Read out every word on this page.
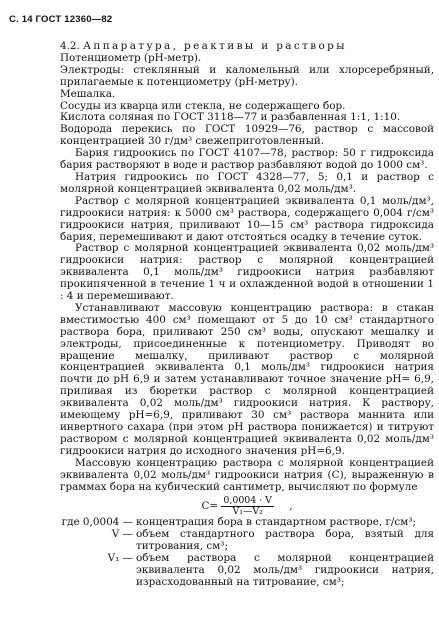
С. 14 ГОСТ 12360—82

4.2. Аппаратура, реактивы и растворы

Потенциометр (рН-метр).

Электроды: стеклянный и каломельный или хлорсеребряный, прилагаемые к потенциометру (рН-метру).

Мешалка.

Сосуды из кварца или стекла, не содержащего бор.

Кислота соляная по ГОСТ 3118—77 и разбавленная 1:1, 1:10.

Водорода перекись по ГОСТ 10929—76, раствор с массовой концентрацией 30 г/дм³ свежеприготовленный.

Бария гидроокись по ГОСТ 4107—78, раствор: 50 г гидроксида бария растворяют в воде и раствор разбавляют водой до 1000 см³.

Натрия гидроокись по ГОСТ 4328—77, 5; 0,1 и раствор с молярной концентрацией эквивалента 0,02 моль/дм³.

Раствор с молярной концентрацией эквивалента 0,1 моль/дм³, гидроокиси натрия: к 5000 см³ раствора, содержащего 0,004 г/см³ гидроокиси натрия, приливают 10—15 см³ раствора гидроксида бария, перемешивают и дают отстояться осадку в течение суток.

Раствор с молярной концентрацией эквивалента 0,02 моль/дм³ гидроокиси натрия: раствор с молярной концентрацией эквивалента 0,1 моль/дм³ гидроокиси натрия разбавляют прокипяченной в течение 1 ч и охлажденной водой в отношении 1 : 4 и перемешивают.

Устанавливают массовую концентрацию раствора: в стакан вместимостью 400 см³ помещают от 5 до 10 см³ стандартного раствора бора, приливают 250 см³ воды, опускают мешалку и электроды, присоединенные к потенциометру. Приводят во вращение мешалку, приливают раствор с молярной концентрацией эквивалента 0,1 моль/дм³ гидроокиси натрия почти до рН 6,9 и затем устанавливают точное значение рН= 6,9, приливая из бюретки раствор с молярной концентрацией эквивалента 0,02 моль/дм³ гидроокиси натрия. К раствору, имеющему рН=6,9, приливают 30 см³ раствора маннита или инвертного сахара (при этом рН раствора понижается) и титруют раствором с молярной концентрацией эквивалента 0,02 моль/дм³ гидроокиси натрия до исходного значения рН=6,9.

Массовую концентрацию раствора с молярной концентрацией эквивалента 0,02 моль/дм³ гидроокиси натрия (C), выраженную в граммах бора на кубический сантиметр, вычисляют по формуле

$C= \frac{0,0004 \cdot V}{\text{V₁—V₂}}$ ,
где 0,0004 — концентрация бора в стандартном растворе, г/см³;
V — объем стандартного раствора бора, взятый для титрования, см³;
V₁ — объем раствора с молярной концентрацией эквивалента 0,02 моль/дм³ гидроокиси натрия, израсходованный на титрование, см³;
